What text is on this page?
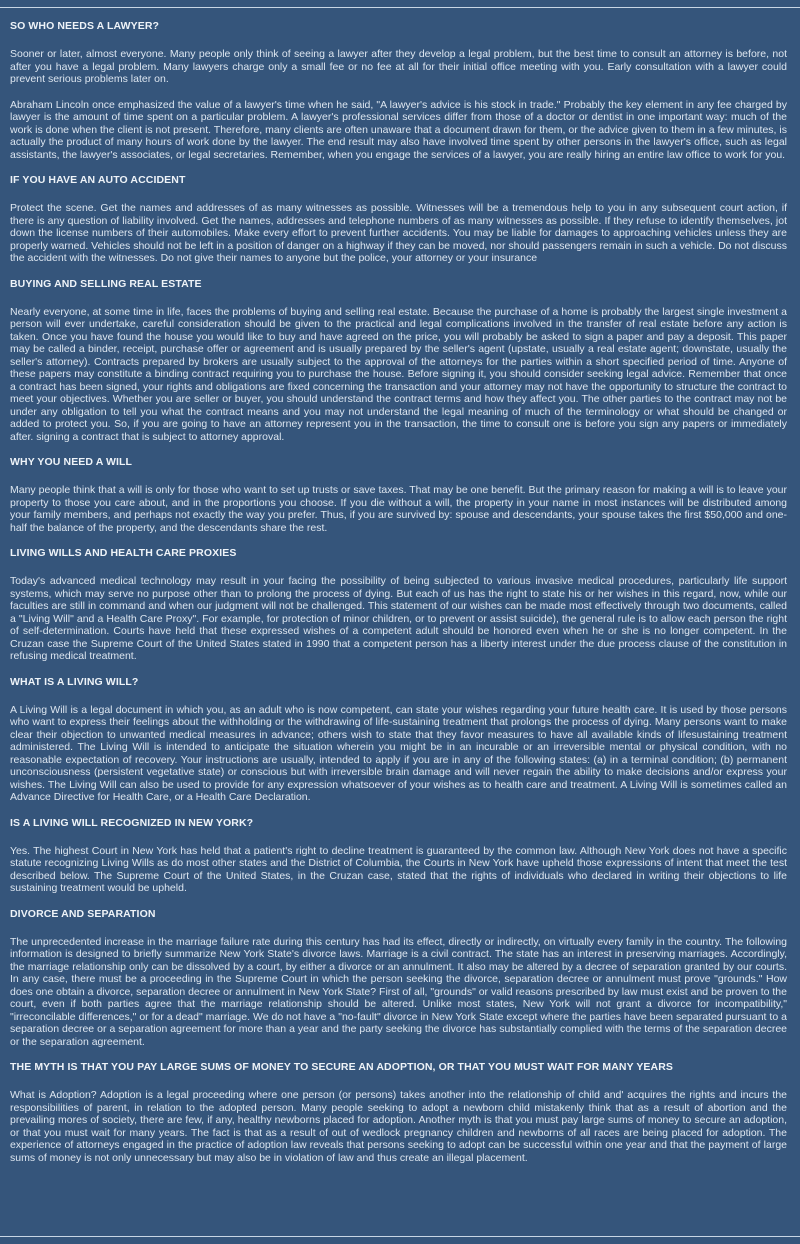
SO WHO NEEDS A LAWYER?

Sooner or later, almost everyone. Many people only think of seeing a lawyer after they develop a legal problem, but the best time to consult an attorney is before, not after you have a legal problem. Many lawyers charge only a small fee or no fee at all for their initial office meeting with you. Early consultation with a lawyer could prevent serious problems later on.

Abraham Lincoln once emphasized the value of a lawyer's time when he said, "A lawyer's advice is his stock in trade." Probably the key element in any fee charged by lawyer is the amount of time spent on a particular problem. A lawyer's professional services differ from those of a doctor or dentist in one important way: much of the work is done when the client is not present. Therefore, many clients are often unaware that a document drawn for them, or the advice given to them in a few minutes, is actually the product of many hours of work done by the lawyer. The end result may also have involved time spent by other persons in the lawyer's office, such as legal assistants, the lawyer's associates, or legal secretaries. Remember, when you engage the services of a lawyer, you are really hiring an entire law office to work for you.

IF YOU HAVE AN AUTO ACCIDENT

Protect the scene. Get the names and addresses of as many witnesses as possible. Witnesses will be a tremendous help to you in any subsequent court action, if there is any question of liability involved. Get the names, addresses and telephone numbers of as many witnesses as possible. If they refuse to identify themselves, jot down the license numbers of their automobiles. Make every effort to prevent further accidents. You may be liable for damages to approaching vehicles unless they are properly warned. Vehicles should not be left in a position of danger on a highway if they can be moved, nor should passengers remain in such a vehicle. Do not discuss the accident with the witnesses. Do not give their names to anyone but the police, your attorney or your insurance

BUYING AND SELLING REAL ESTATE

Nearly everyone, at some time in life, faces the problems of buying and selling real estate. Because the purchase of a home is probably the largest single investment a person will ever undertake, careful consideration should be given to the practical and legal complications involved in the transfer of real estate before any action is taken. Once you have found the house you would like to buy and have agreed on the price, you will probably be asked to sign a paper and pay a deposit. This paper may be called a binder, receipt, purchase offer or agreement and is usually prepared by the seller's agent (upstate, usually a real estate agent; downstate, usually the seller's attorney). Contracts prepared by brokers are usually subject to the approval of the attorneys for the parties within a short specified period of time. Anyone of these papers may constitute a binding contract requiring you to purchase the house. Before signing it, you should consider seeking legal advice. Remember that once a contract has been signed, your rights and obligations are fixed concerning the transaction and your attorney may not have the opportunity to structure the contract to meet your objectives. Whether you are seller or buyer, you should understand the contract terms and how they affect you. The other parties to the contract may not be under any obligation to tell you what the contract means and you may not understand the legal meaning of much of the terminology or what should be changed or added to protect you. So, if you are going to have an attorney represent you in the transaction, the time to consult one is before you sign any papers or immediately after. signing a contract that is subject to attorney approval.

WHY YOU NEED A WILL

Many people think that a will is only for those who want to set up trusts or save taxes. That may be one benefit. But the primary reason for making a will is to leave your property to those you care about, and in the proportions you choose. If you die without a will, the property in your name in most instances will be distributed among your family members, and perhaps not exactly the way you prefer. Thus, if you are survived by: spouse and descendants, your spouse takes the first $50,000 and one-half the balance of the property, and the descendants share the rest.

LIVING WILLS AND HEALTH CARE PROXIES

Today's advanced medical technology may result in your facing the possibility of being subjected to various invasive medical procedures, particularly life support systems, which may serve no purpose other than to prolong the process of dying. But each of us has the right to state his or her wishes in this regard, now, while our faculties are still in command and when our judgment will not be challenged. This statement of our wishes can be made most effectively through two documents, called a "Living Will" and a Health Care Proxy". For example, for protection of minor children, or to prevent or assist suicide), the general rule is to allow each person the right of self-determination. Courts have held that these expressed wishes of a competent adult should be honored even when he or she is no longer competent. In the Cruzan case the Supreme Court of the United States stated in 1990 that a competent person has a liberty interest under the due process clause of the constitution in refusing medical treatment.

WHAT IS A LIVING WILL?

A Living Will is a legal document in which you, as an adult who is now competent, can state your wishes regarding your future health care. It is used by those persons who want to express their feelings about the withholding or the withdrawing of life-sustaining treatment that prolongs the process of dying. Many persons want to make clear their objection to unwanted medical measures in advance; others wish to state that they favor measures to have all available kinds of lifesustaining treatment administered. The Living Will is intended to anticipate the situation wherein you might be in an incurable or an irreversible mental or physical condition, with no reasonable expectation of recovery. Your instructions are usually, intended to apply if you are in any of the following states: (a) in a terminal condition; (b) permanent unconsciousness (persistent vegetative state) or conscious but with irreversible brain damage and will never regain the ability to make decisions and/or express your wishes. The Living Will can also be used to provide for any expression whatsoever of your wishes as to health care and treatment. A Living Will is sometimes called an Advance Directive for Health Care, or a Health Care Declaration.

IS A LIVING WILL RECOGNIZED IN NEW YORK?

Yes. The highest Court in New York has held that a patient's right to decline treatment is guaranteed by the common law. Although New York does not have a specific statute recognizing Living Wills as do most other states and the District of Columbia, the Courts in New York have upheld those expressions of intent that meet the test described below. The Supreme Court of the United States, in the Cruzan case, stated that the rights of individuals who declared in writing their objections to life sustaining treatment would be upheld.

DIVORCE AND SEPARATION

The unprecedented increase in the marriage failure rate during this century has had its effect, directly or indirectly, on virtually every family in the country. The following information is designed to briefly summarize New York State's divorce laws. Marriage is a civil contract. The state has an interest in preserving marriages. Accordingly, the marriage relationship only can be dissolved by a court, by either a divorce or an annulment. It also may be altered by a decree of separation granted by our courts. In any case, there must be a proceeding in the Supreme Court in which the person seeking the divorce, separation decree or annulment must prove "grounds." How does one obtain a divorce, separation decree or annulment in New York State? First of all, "grounds" or valid reasons prescribed by law must exist and be proven to the court, even if both parties agree that the marriage relationship should be altered. Unlike most states, New York will not grant a divorce for incompatibility," "irreconcilable differences," or for a dead" marriage. We do not have a "no-fault" divorce in New York State except where the parties have been separated pursuant to a separation decree or a separation agreement for more than a year and the party seeking the divorce has substantially complied with the terms of the separation decree or the separation agreement.

THE MYTH IS THAT YOU PAY LARGE SUMS OF MONEY TO SECURE AN ADOPTION, OR THAT YOU MUST WAIT FOR MANY YEARS

What is Adoption? Adoption is a legal proceeding where one person (or persons) takes another into the relationship of child and' acquires the rights and incurs the responsibilities of parent, in relation to the adopted person. Many people seeking to adopt a newborn child mistakenly think that as a result of abortion and the prevailing mores of society, there are few, if any, healthy newborns placed for adoption. Another myth is that you must pay large sums of money to secure an adoption, or that you must wait for many years. The fact is that as a result of out of wedlock pregnancy children and newborns of all races are being placed for adoption. The experience of attorneys engaged in the practice of adoption law reveals that persons seeking to adopt can be successful within one year and that the payment of large sums of money is not only unnecessary but may also be in violation of law and thus create an illegal placement.
